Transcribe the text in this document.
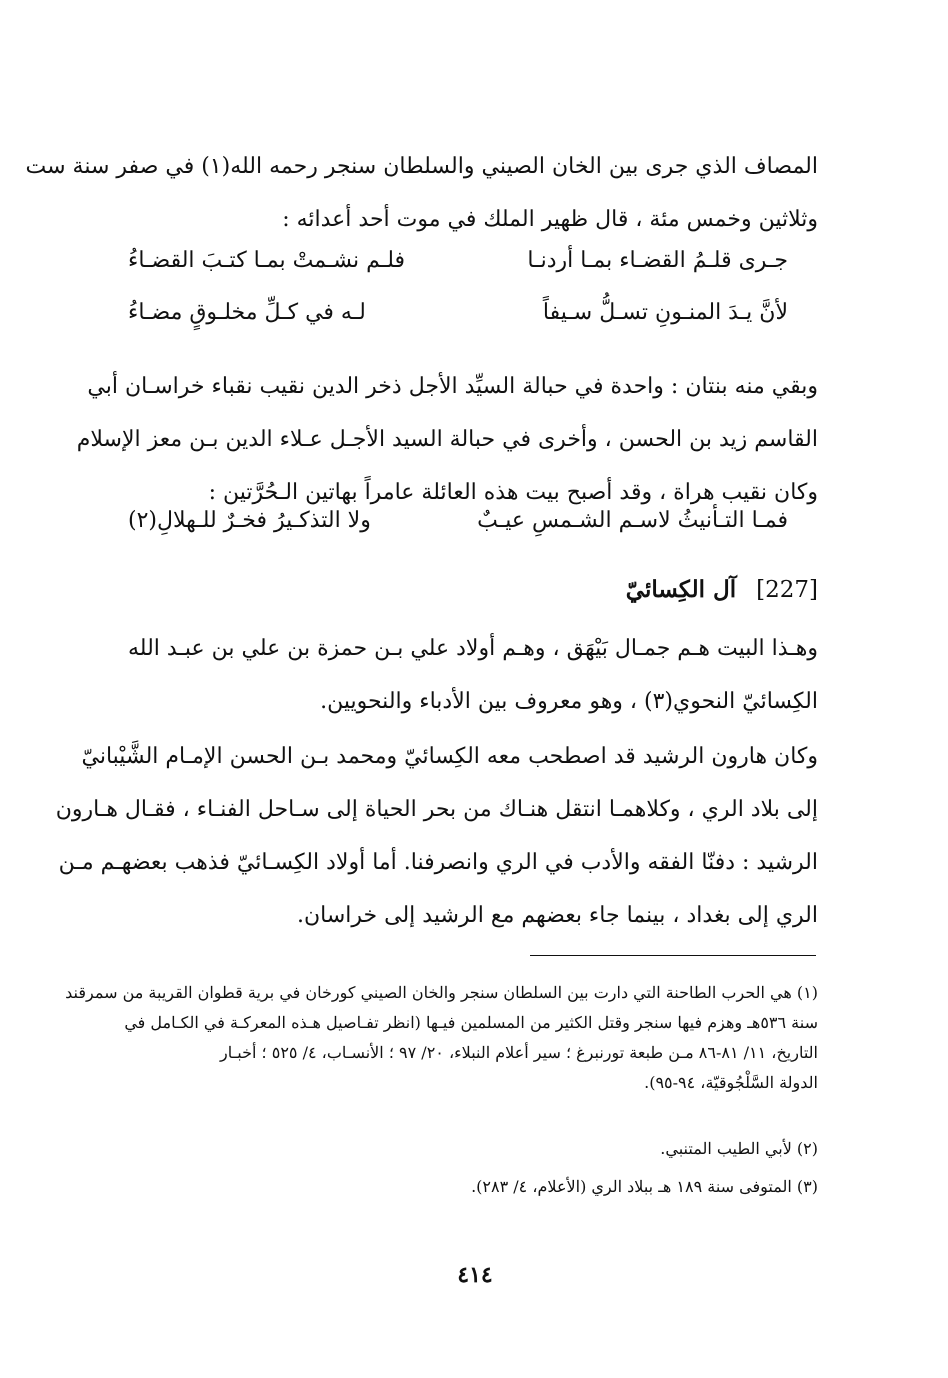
المصاف الذي جرى بين الخان الصيني والسلطان سنجر رحمه الله(١) في صفر سنة ست
وثلاثين وخمس مئة ، قال ظهير الملك في موت أحد أعدائه :

جـرى قلـمُ القضـاء بمـا أردنـا
فلـم نشـمتْ بمـا كتـبَ القضـاءُ
لأنَّ يـدَ المنـونِ تسـلُّ سـيفاً
لـه في كـلِّ مخلـوقٍ مضـاءُ

وبقي منه بنتان : واحدة في حبالة السيِّد الأجل ذخر الدين نقيب نقباء خراسـان أبي
القاسم زيد بن الحسن ، وأخرى في حبالة السيد الأجـل عـلاء الدين بـن معز الإسلام
وكان نقيب هراة ، وقد أصبح بيت هذه العائلة عامراً بهاتين الـحُرَّتين :

فمـا التـأنيثُ لاسـم الشـمسِ عيـبٌ
ولا التذكـيرُ فخـرٌ للـهلالِ(٢)
[227] آل الكِسائيّ

وهـذا البيت هـم جمـال بَيْهَق ، وهـم أولاد علي بـن حمزة بن علي بن عبـد الله
الكِسائيّ النحوي(٣) ، وهو معروف بين الأدباء والنحويين.

وكان هارون الرشيد قد اصطحب معه الكِسائيّ ومحمد بـن الحسن الإمـام الشَّيْبانيّ
إلى بلاد الري ، وكلاهمـا انتقل هنـاك من بحر الحياة إلى سـاحل الفنـاء ، فقـال هـارون
الرشيد : دفنّا الفقه والأدب في الري وانصرفنا. أما أولاد الكِسـائيّ فذهب بعضهـم مـن
الري إلى بغداد ، بينما جاء بعضهم مع الرشيد إلى خراسان.

(١) هي الحرب الطاحنة التي دارت بين السلطان سنجر والخان الصيني كورخان في برية قطوان القريبة من سمرقند
سنة ٥٣٦هـ وهزم فيها سنجر وقتل الكثير من المسلمين فيـها (انظر تفـاصيل هـذه المعركـة في الكـامل في
التاريخ، ١١/ ٨١-٨٦ مـن طبعة تورنبرغ ؛ سير أعلام النبلاء، ٢٠/ ٩٧ ؛ الأنسـاب، ٤/ ٥٢٥ ؛ أخبـار
الدولة السَّلْجُوقيّة، ٩٤-٩٥).

(٢) لأبي الطيب المتنبي.

(٣) المتوفى سنة ١٨٩ هـ ببلاد الري (الأعلام، ٤/ ٢٨٣).

٤١٤
